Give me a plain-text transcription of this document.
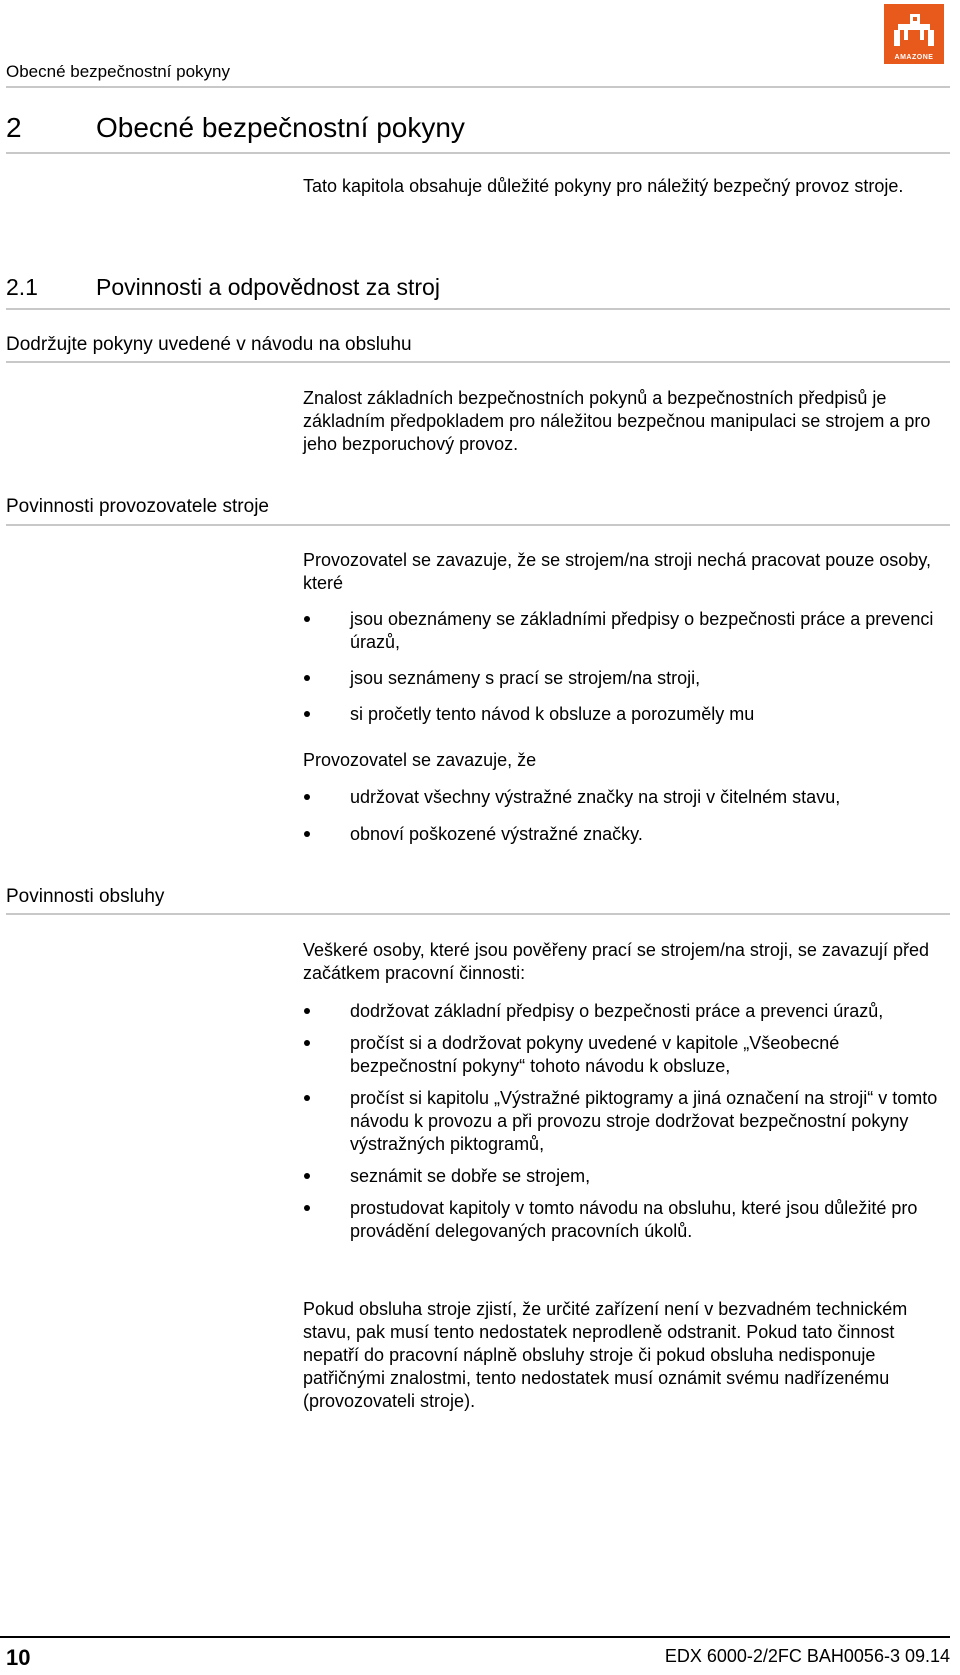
Obecné bezpečnostní pokyny
AMAZONE
2	Obecné bezpečnostní pokyny
Tato kapitola obsahuje důležité pokyny pro náležitý bezpečný provoz stroje.
2.1	Povinnosti a odpovědnost za stroj
Dodržujte pokyny uvedené v návodu na obsluhu
Znalost základních bezpečnostních pokynů a bezpečnostních předpisů je základním předpokladem pro náležitou bezpečnou manipulaci se strojem a pro jeho bezporuchový provoz.
Povinnosti provozovatele stroje
Provozovatel se zavazuje, že se strojem/na stroji nechá pracovat pouze osoby, které
jsou obeznámeny se základními předpisy o bezpečnosti práce a prevenci úrazů,
jsou seznámeny s prací se strojem/na stroji,
si pročetly tento návod k obsluze a porozuměly mu
Provozovatel se zavazuje, že
udržovat všechny výstražné značky na stroji v čitelném stavu,
obnoví poškozené výstražné značky.
Povinnosti obsluhy
Veškeré osoby, které jsou pověřeny prací se strojem/na stroji, se zavazují před začátkem pracovní činnosti:
dodržovat základní předpisy o bezpečnosti práce a prevenci úrazů,
pročíst si a dodržovat pokyny uvedené v kapitole „Všeobecné bezpečnostní pokyny“ tohoto návodu k obsluze,
pročíst si kapitolu „Výstražné piktogramy a jiná označení na stroji“ v tomto návodu k provozu a při provozu stroje dodržovat bezpečnostní pokyny výstražných piktogramů,
seznámit se dobře se strojem,
prostudovat kapitoly v tomto návodu na obsluhu, které jsou důležité pro provádění delegovaných pracovních úkolů.
Pokud obsluha stroje zjistí, že určité zařízení není v bezvadném technickém stavu, pak musí tento nedostatek neprodleně odstranit. Pokud tato činnost nepatří do pracovní náplně obsluhy stroje či pokud obsluha nedisponuje patřičnými znalostmi, tento nedostatek musí oznámit svému nadřízenému (provozovateli stroje).
10	EDX 6000-2/2FC BAH0056-3 09.14
